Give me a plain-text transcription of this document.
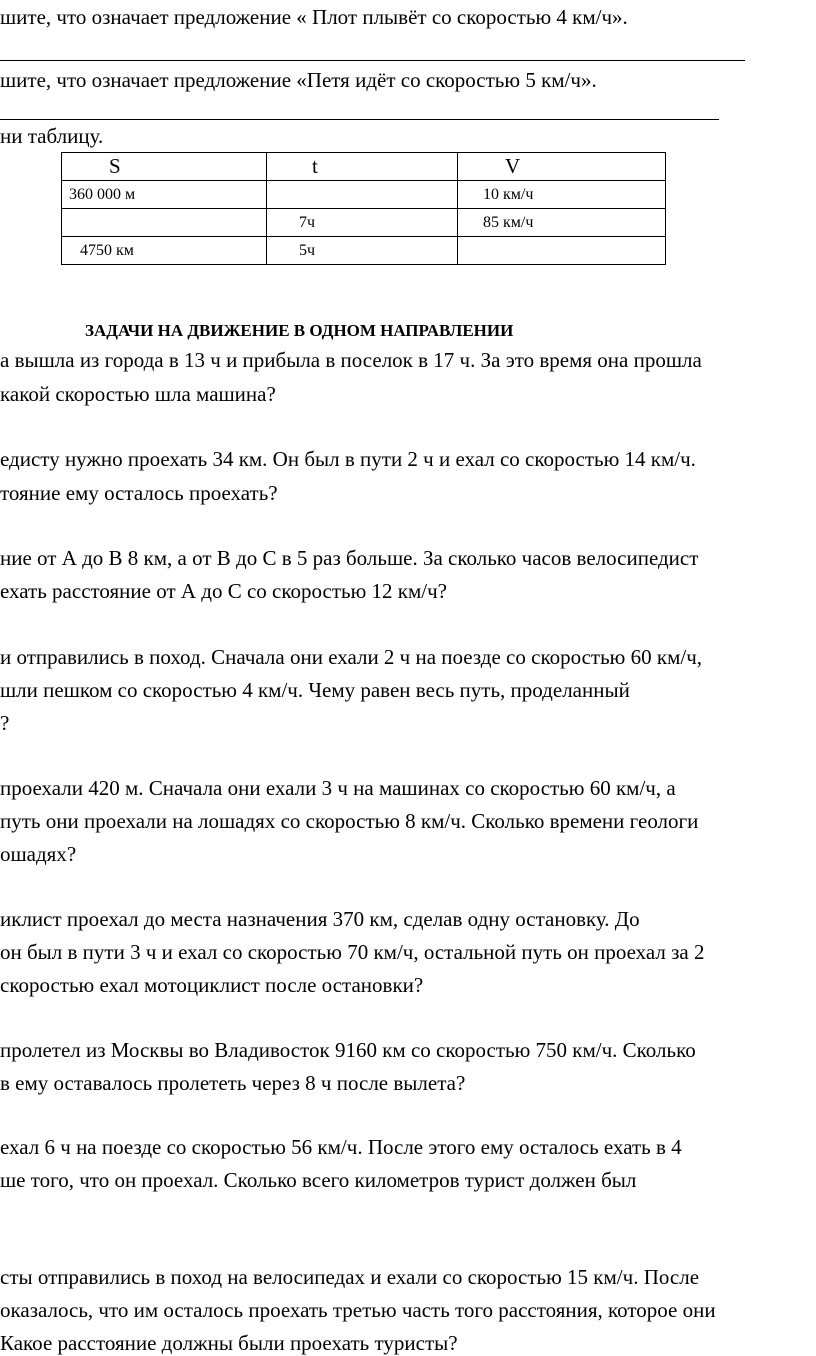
шите, что означает предложение « Плот плывёт со скоростью 4 км/ч».
шите, что означает предложение «Петя идёт со скоростью 5 км/ч».
ни таблицу.
S	t	V
360 000 м		10 км/ч
	7ч	85 км/ч
4750 км	5ч	
ЗАДАЧИ НА ДВИЖЕНИЕ В ОДНОМ НАПРАВЛЕНИИ
а вышла из города в 13 ч и прибыла в поселок в 17 ч. За это время она прошла
какой скоростью шла машина?
едисту нужно проехать 34 км. Он был в пути 2 ч и ехал со скоростью 14 км/ч.
тояние ему осталось проехать?
ние от А до В 8 км, а от В до С в 5 раз больше. За сколько часов велосипедист
ехать расстояние от А до С со скоростью 12 км/ч?
и отправились в поход. Сначала они ехали 2 ч на поезде со скоростью 60 км/ч,
шли пешком со скоростью 4 км/ч. Чему равен весь путь, проделанный
?
проехали 420 м. Сначала они ехали 3 ч на машинах со скоростью 60 км/ч, а
путь они проехали на лошадях со скоростью 8 км/ч. Сколько времени геологи
ошадях?
иклист проехал до места назначения 370 км, сделав одну остановку. До
он был в пути 3 ч и ехал со скоростью 70 км/ч, остальной путь он проехал за 2
скоростью ехал мотоциклист после остановки?
пролетел из Москвы во Владивосток 9160 км со скоростью 750 км/ч. Сколько
в ему оставалось пролететь через 8 ч после вылета?
ехал 6 ч на поезде со скоростью 56 км/ч. После этого ему осталось ехать в 4
ше того, что он проехал. Сколько всего километров турист должен был
сты отправились в поход на велосипедах и ехали со скоростью 15 км/ч. После
оказалось, что им осталось проехать третью часть того расстояния, которое они
Какое расстояние должны были проехать туристы?
